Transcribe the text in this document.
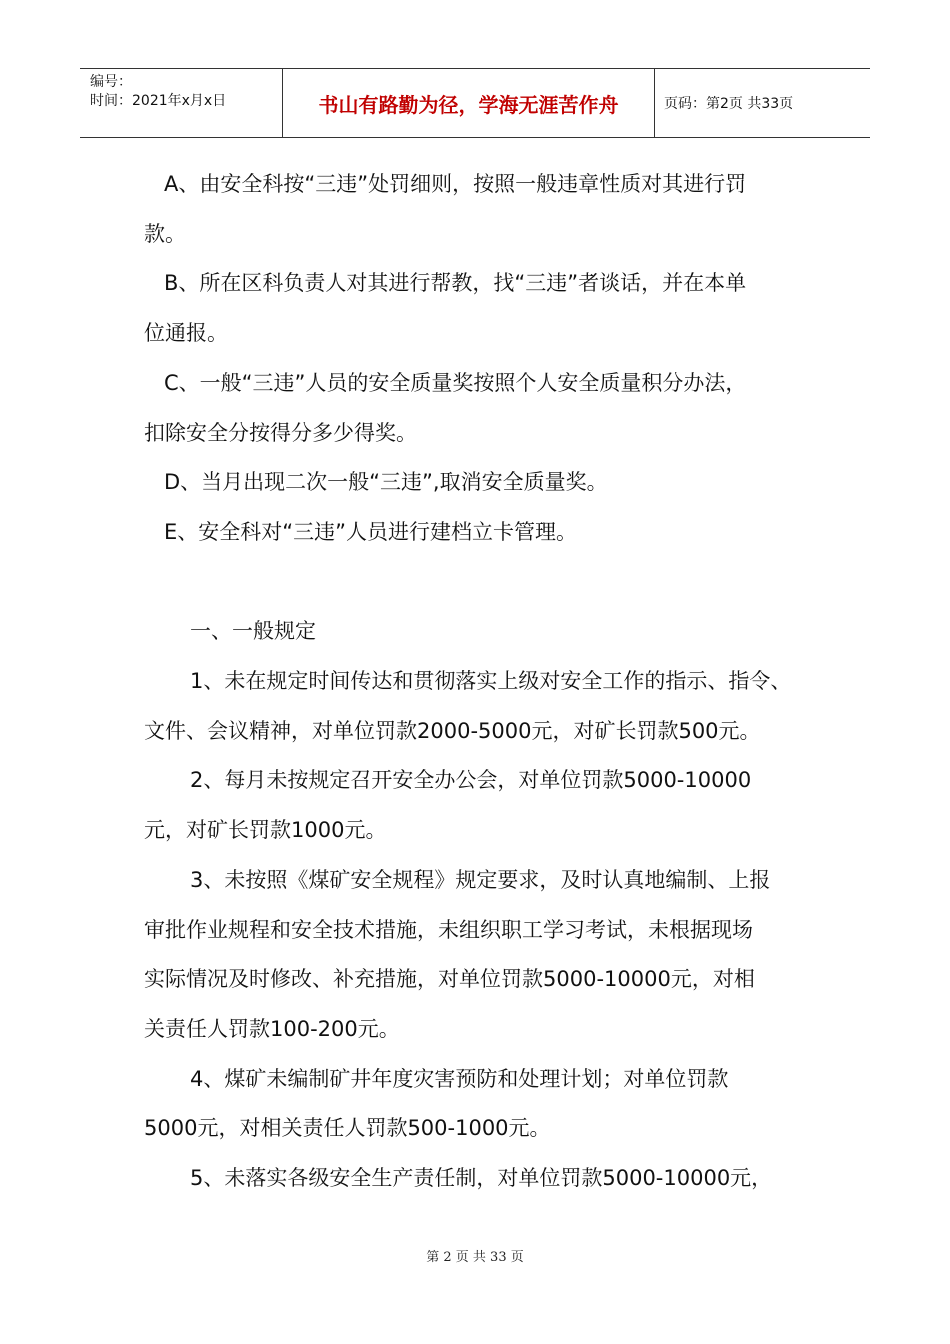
编号：
时间：2021年x月x日	书山有路勤为径，学海无涯苦作舟	页码：第2页 共33页

A、由安全科按“三违”处罚细则，按照一般违章性质对其进行罚

款。

B、所在区科负责人对其进行帮教，找“三违”者谈话，并在本单

位通报。

C、一般“三违”人员的安全质量奖按照个人安全质量积分办法，

扣除安全分按得分多少得奖。

D、当月出现二次一般“三违”,取消安全质量奖。

E、安全科对“三违”人员进行建档立卡管理。

一、一般规定

1、未在规定时间传达和贯彻落实上级对安全工作的指示、指令、

文件、会议精神，对单位罚款2000-5000元，对矿长罚款500元。

2、每月未按规定召开安全办公会，对单位罚款5000-10000

元，对矿长罚款1000元。

3、未按照《煤矿安全规程》规定要求，及时认真地编制、上报

审批作业规程和安全技术措施，未组织职工学习考试，未根据现场

实际情况及时修改、补充措施，对单位罚款5000-10000元，对相

关责任人罚款100-200元。

4、煤矿未编制矿井年度灾害预防和处理计划；对单位罚款

5000元，对相关责任人罚款500-1000元。

5、未落实各级安全生产责任制，对单位罚款5000-10000元，

第 2 页 共 33 页
